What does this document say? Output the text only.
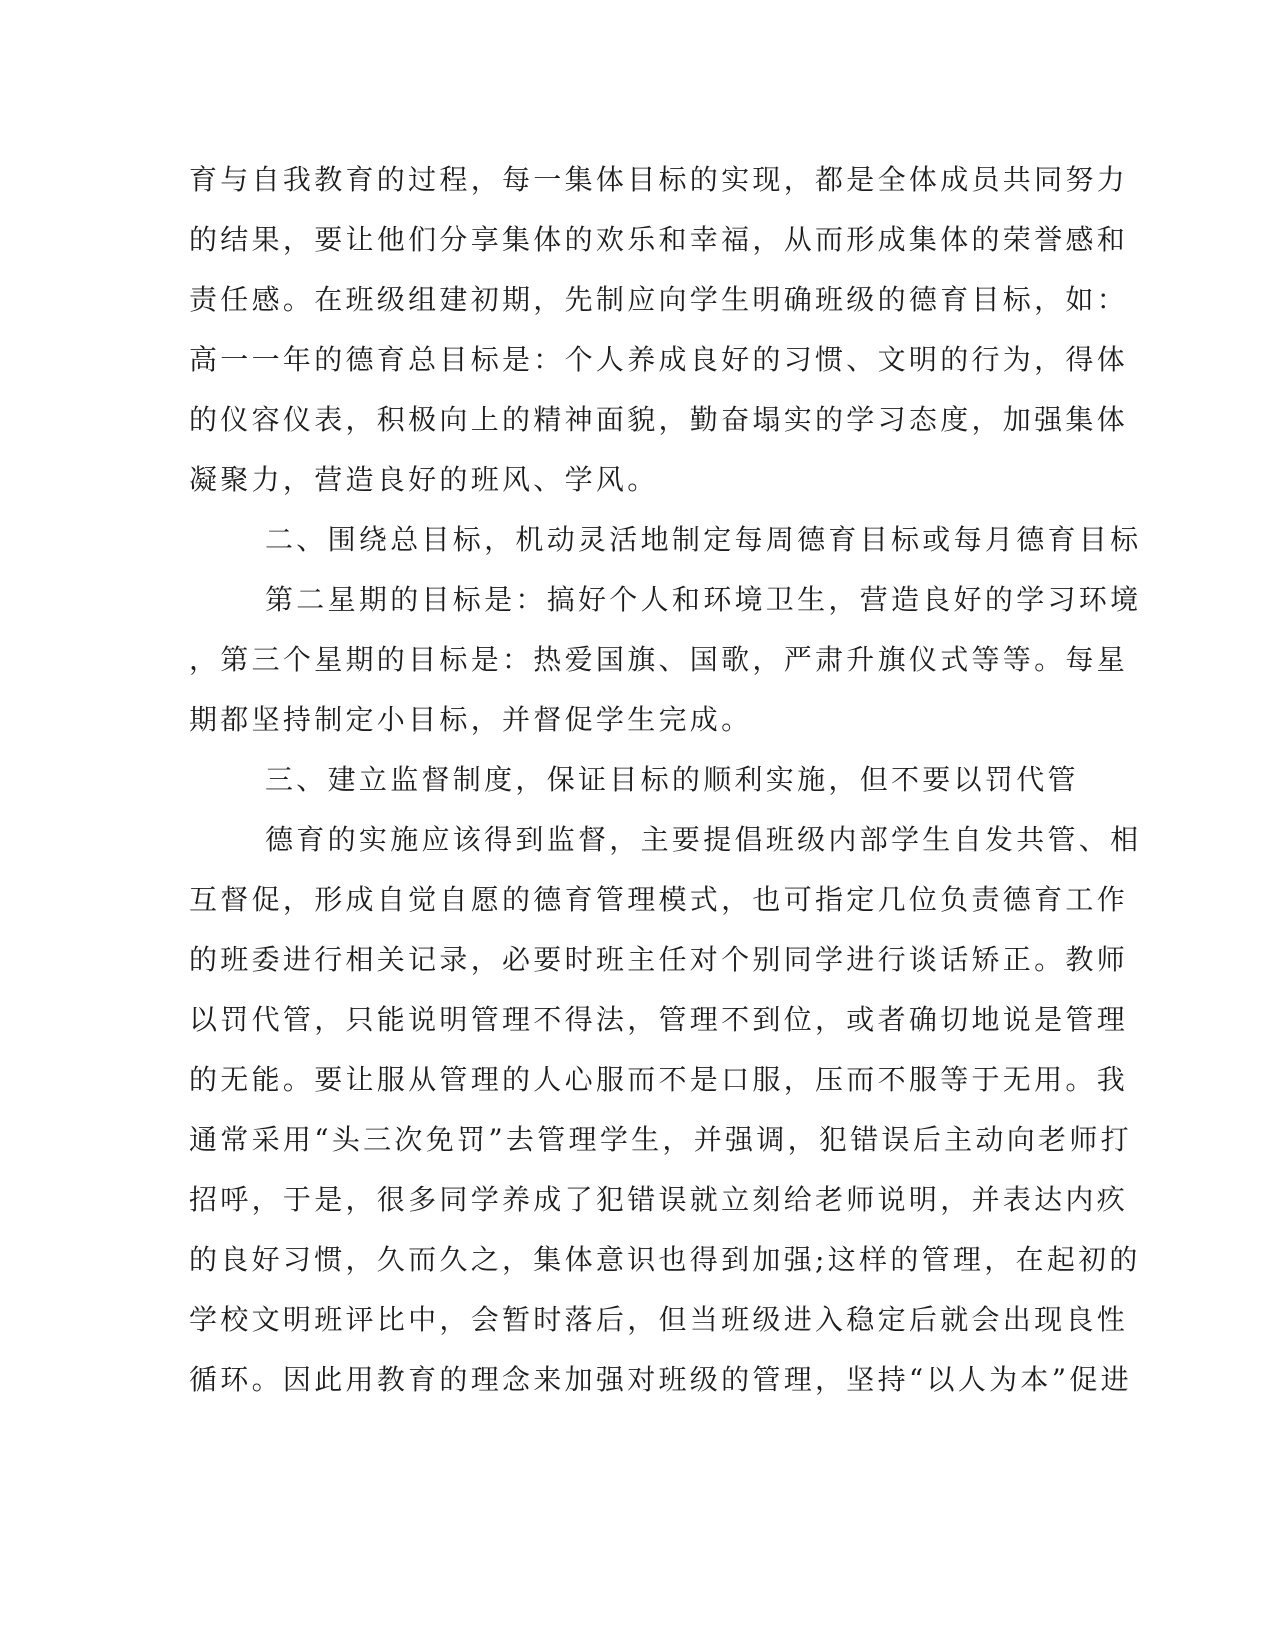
育与自我教育的过程，每一集体目标的实现，都是全体成员共同努力
的结果，要让他们分享集体的欢乐和幸福，从而形成集体的荣誉感和
责任感。在班级组建初期，先制应向学生明确班级的德育目标，如：
高一一年的德育总目标是：个人养成良好的习惯、文明的行为，得体
的仪容仪表，积极向上的精神面貌，勤奋塌实的学习态度，加强集体
凝聚力，营造良好的班风、学风。
二、围绕总目标，机动灵活地制定每周德育目标或每月德育目标
第二星期的目标是：搞好个人和环境卫生，营造良好的学习环境
，第三个星期的目标是：热爱国旗、国歌，严肃升旗仪式等等。每星
期都坚持制定小目标，并督促学生完成。
三、建立监督制度，保证目标的顺利实施，但不要以罚代管
德育的实施应该得到监督，主要提倡班级内部学生自发共管、相
互督促，形成自觉自愿的德育管理模式，也可指定几位负责德育工作
的班委进行相关记录，必要时班主任对个别同学进行谈话矫正。教师
以罚代管，只能说明管理不得法，管理不到位，或者确切地说是管理
的无能。要让服从管理的人心服而不是口服，压而不服等于无用。我
通常采用“头三次免罚”去管理学生，并强调，犯错误后主动向老师打
招呼，于是，很多同学养成了犯错误就立刻给老师说明，并表达内疚
的良好习惯，久而久之，集体意识也得到加强;这样的管理，在起初的
学校文明班评比中，会暂时落后，但当班级进入稳定后就会出现良性
循环。因此用教育的理念来加强对班级的管理，坚持“以人为本”促进
